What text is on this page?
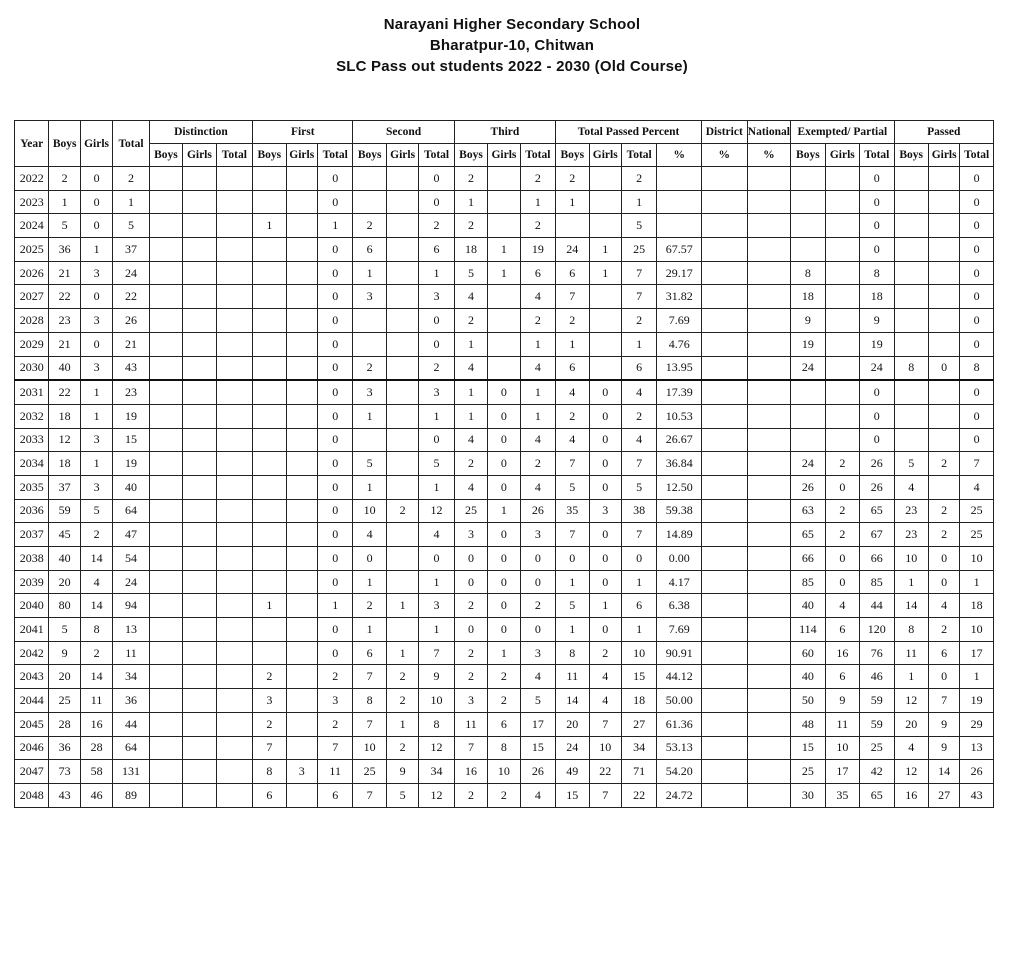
Narayani Higher Secondary School
Bharatpur-10, Chitwan
SLC Pass out students 2022 - 2030 (Old Course)
Year	Boys	Girls	Total	Distinction			First			Second			Third			Total Passed Percent				District	National	Exempted/ Partial			Passed		
				Boys	Girls	Total	Boys	Girls	Total	Boys	Girls	Total	Boys	Girls	Total	Boys	Girls	Total	%	%	%	Boys	Girls	Total	Boys	Girls	Total
2022	2	0	2						0			0	2		2	2		2						0			0
2023	1	0	1						0			0	1		1	1		1						0			0
2024	5	0	5				1		1	2		2	2		2			5						0			0
2025	36	1	37						0	6		6	18	1	19	24	1	25	67.57					0			0
2026	21	3	24						0	1		1	5	1	6	6	1	7	29.17			8		8			0
2027	22	0	22						0	3		3	4		4	7		7	31.82			18		18			0
2028	23	3	26						0			0	2		2	2		2	7.69			9		9			0
2029	21	0	21						0			0	1		1	1		1	4.76			19		19			0
2030	40	3	43						0	2		2	4		4	6		6	13.95			24		24	8	0	8
2031	22	1	23						0	3		3	1	0	1	4	0	4	17.39					0			0
2032	18	1	19						0	1		1	1	0	1	2	0	2	10.53					0			0
2033	12	3	15						0			0	4	0	4	4	0	4	26.67					0			0
2034	18	1	19						0	5		5	2	0	2	7	0	7	36.84			24	2	26	5	2	7
2035	37	3	40						0	1		1	4	0	4	5	0	5	12.50			26	0	26	4		4
2036	59	5	64						0	10	2	12	25	1	26	35	3	38	59.38			63	2	65	23	2	25
2037	45	2	47						0	4		4	3	0	3	7	0	7	14.89			65	2	67	23	2	25
2038	40	14	54						0	0		0	0	0	0	0	0	0	0.00			66	0	66	10	0	10
2039	20	4	24						0	1		1	0	0	0	1	0	1	4.17			85	0	85	1	0	1
2040	80	14	94				1		1	2	1	3	2	0	2	5	1	6	6.38			40	4	44	14	4	18
2041	5	8	13						0	1		1	0	0	0	1	0	1	7.69			114	6	120	8	2	10
2042	9	2	11						0	6	1	7	2	1	3	8	2	10	90.91			60	16	76	11	6	17
2043	20	14	34				2		2	7	2	9	2	2	4	11	4	15	44.12			40	6	46	1	0	1
2044	25	11	36				3		3	8	2	10	3	2	5	14	4	18	50.00			50	9	59	12	7	19
2045	28	16	44				2		2	7	1	8	11	6	17	20	7	27	61.36			48	11	59	20	9	29
2046	36	28	64				7		7	10	2	12	7	8	15	24	10	34	53.13			15	10	25	4	9	13
2047	73	58	131				8	3	11	25	9	34	16	10	26	49	22	71	54.20			25	17	42	12	14	26
2048	43	46	89				6		6	7	5	12	2	2	4	15	7	22	24.72			30	35	65	16	27	43
